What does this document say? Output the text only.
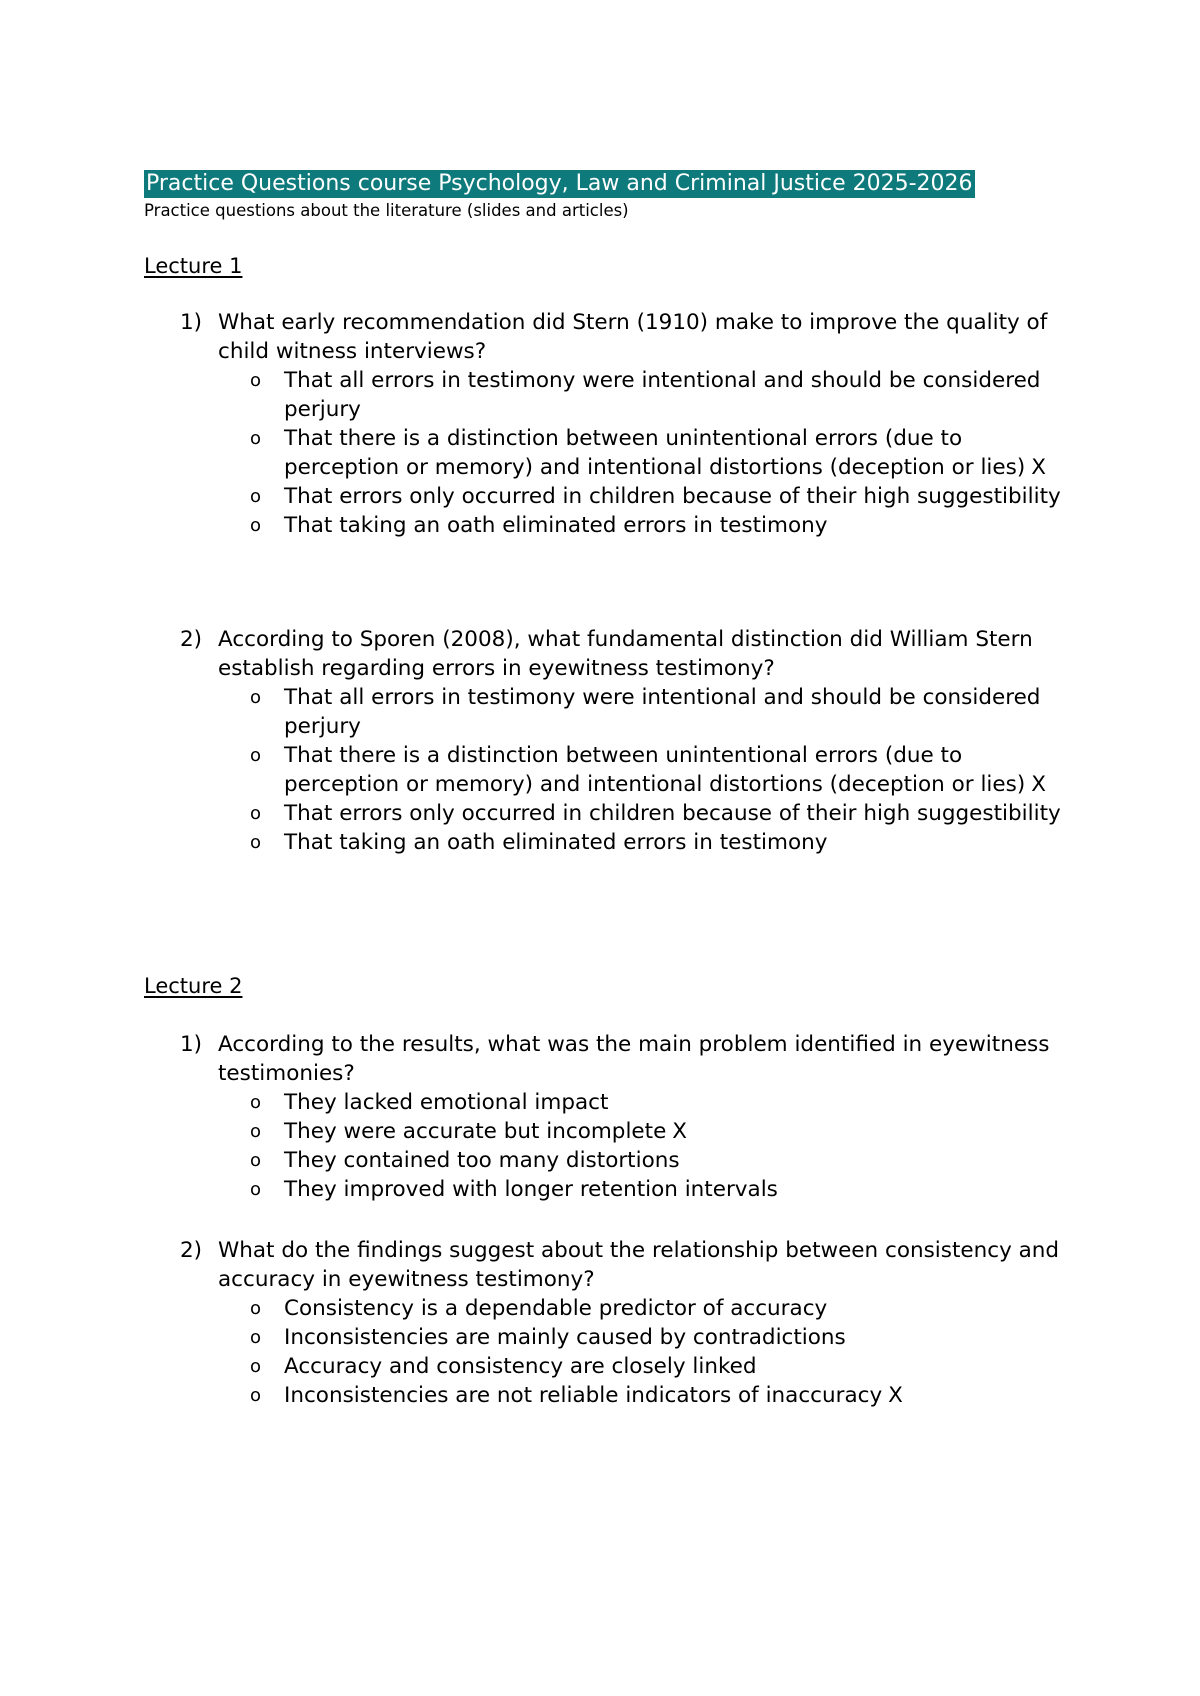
Practice Questions course Psychology, Law and Criminal Justice 2025-2026
Practice questions about the literature (slides and articles)
Lecture 1
1) What early recommendation did Stern (1910) make to improve the quality of child witness interviews?
o	That all errors in testimony were intentional and should be considered perjury
o	That there is a distinction between unintentional errors (due to perception or memory) and intentional distortions (deception or lies) X
o	That errors only occurred in children because of their high suggestibility
o	That taking an oath eliminated errors in testimony
2) According to Sporen (2008), what fundamental distinction did William Stern establish regarding errors in eyewitness testimony?
o	That all errors in testimony were intentional and should be considered perjury
o	That there is a distinction between unintentional errors (due to perception or memory) and intentional distortions (deception or lies) X
o	That errors only occurred in children because of their high suggestibility
o	That taking an oath eliminated errors in testimony
Lecture 2
1) According to the results, what was the main problem identified in eyewitness testimonies?
o	They lacked emotional impact
o	They were accurate but incomplete X
o	They contained too many distortions
o	They improved with longer retention intervals
2) What do the findings suggest about the relationship between consistency and accuracy in eyewitness testimony?
o	Consistency is a dependable predictor of accuracy
o	Inconsistencies are mainly caused by contradictions
o	Accuracy and consistency are closely linked
o	Inconsistencies are not reliable indicators of inaccuracy X
